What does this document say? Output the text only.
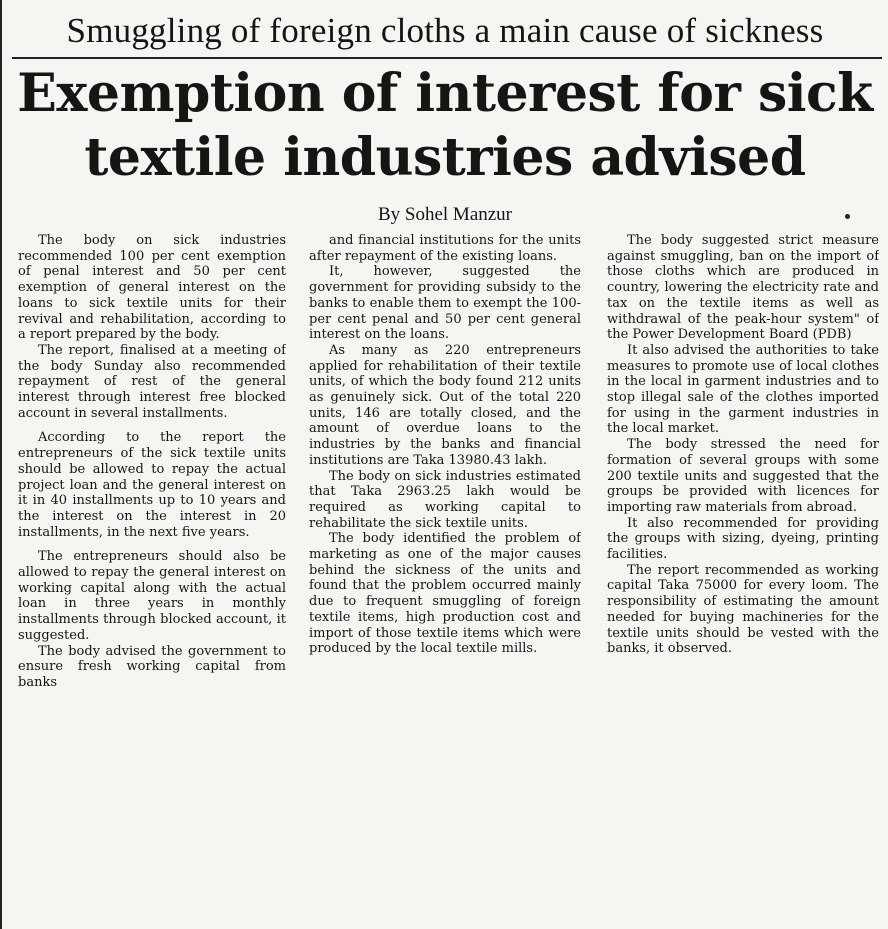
Smuggling of foreign cloths a main cause of sickness
Exemption of interest for sick
textile industries advised
By Sohel Manzur

The body on sick industries recommended 100 per cent exemption of penal interest and 50 per cent exemption of general interest on the loans to sick textile units for their revival and rehabilitation, according to a report prepared by the body.

The report, finalised at a meeting of the body Sunday also recommended repayment of rest of the general interest through interest free blocked account in several installments.

According to the report the entrepreneurs of the sick textile units should be allowed to repay the actual project loan and the general interest on it in 40 installments up to 10 years and the interest on the interest in 20 installments, in the next five years.

The entrepreneurs should also be allowed to repay the general interest on working capital along with the actual loan in three years in monthly installments through blocked account, it suggested.

The body advised the government to ensure fresh working capital from banks

and financial institutions for the units after repayment of the existing loans.

It, however, suggested the government for providing subsidy to the banks to enable them to exempt the 100- per cent penal and 50 per cent general interest on the loans.

As many as 220 entrepreneurs applied for rehabilitation of their textile units, of which the body found 212 units as genuinely sick. Out of the total 220 units, 146 are totally closed, and the amount of overdue loans to the industries by the banks and financial institutions are Taka 13980.43 lakh.

The body on sick industries estimated that Taka 2963.25 lakh would be required as working capital to rehabilitate the sick textile units.

The body identified the problem of marketing as one of the major causes behind the sickness of the units and found that the problem occurred mainly due to frequent smuggling of foreign textile items, high production cost and import of those textile items which were produced by the local textile mills.

The body suggested strict measure against smuggling, ban on the import of those cloths which are produced in country, lowering the electricity rate and tax on the textile items as well as withdrawal of the peak-hour system" of the Power Development Board (PDB)

It also advised the authorities to take measures to promote use of local clothes in the local in garment industries and to stop illegal sale of the clothes imported for using in the garment industries in the local market.

The body stressed the need for formation of several groups with some 200 textile units and suggested that the groups be provided with licences for importing raw materials from abroad.

It also recommended for providing the groups with sizing, dyeing, printing facilities.

The report recommended as working capital Taka 75000 for every loom. The responsibility of estimating the amount needed for buying machineries for the textile units should be vested with the banks, it observed.
